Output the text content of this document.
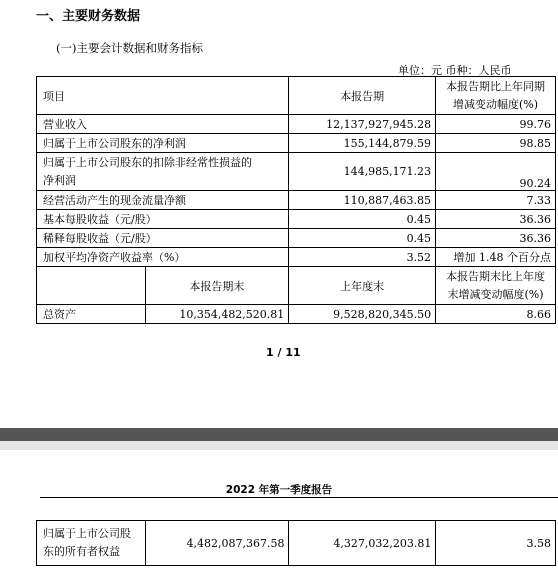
一、主要财务数据
(一)主要会计数据和财务指标
单位：元 币种：人民币
项目		本报告期	本报告期比上年同期
增减变动幅度(%)
营业收入		12,137,927,945.28	99.76
归属于上市公司股东的净利润		155,144,879.59	98.85
归属于上市公司股东的扣除非经常性损益的
净利润		144,985,171.23	90.24
经营活动产生的现金流量净额		110,887,463.85	7.33
基本每股收益（元/股）		0.45	36.36
稀释每股收益（元/股）		0.45	36.36
加权平均净资产收益率（%）		3.52	增加 1.48 个百分点
	本报告期末	上年度末	本报告期末比上年度
末增减变动幅度(%)
总资产	10,354,482,520.81	9,528,820,345.50	8.66
1 / 11
2022 年第一季度报告
归属于上市公司股
东的所有者权益	4,482,087,367.58	4,327,032,203.81	3.58
